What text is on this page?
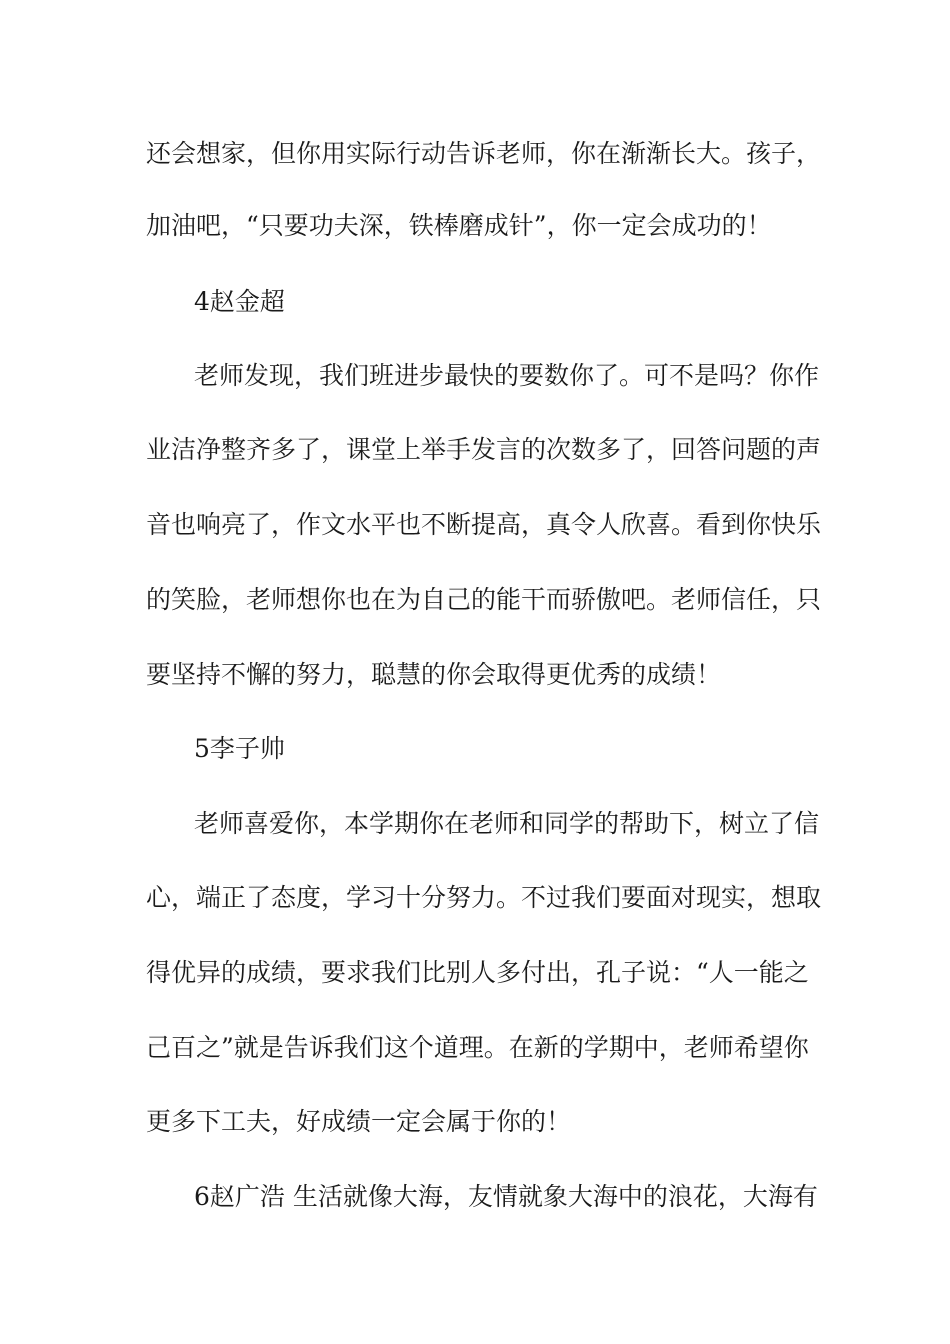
还会想家，但你用实际行动告诉老师，你在渐渐长大。孩子，
加油吧，“只要功夫深，铁棒磨成针”，你一定会成功的！
4赵金超
老师发现，我们班进步最快的要数你了。可不是吗？你作
业洁净整齐多了，课堂上举手发言的次数多了，回答问题的声
音也响亮了，作文水平也不断提高，真令人欣喜。看到你快乐
的笑脸，老师想你也在为自己的能干而骄傲吧。老师信任，只
要坚持不懈的努力，聪慧的你会取得更优秀的成绩！
5李子帅
老师喜爱你，本学期你在老师和同学的帮助下，树立了信
心，端正了态度，学习十分努力。不过我们要面对现实，想取
得优异的成绩，要求我们比别人多付出，孔子说：“人一能之
己百之”就是告诉我们这个道理。在新的学期中，老师希望你
更多下工夫，好成绩一定会属于你的！
6赵广浩 生活就像大海，友情就象大海中的浪花，大海有
